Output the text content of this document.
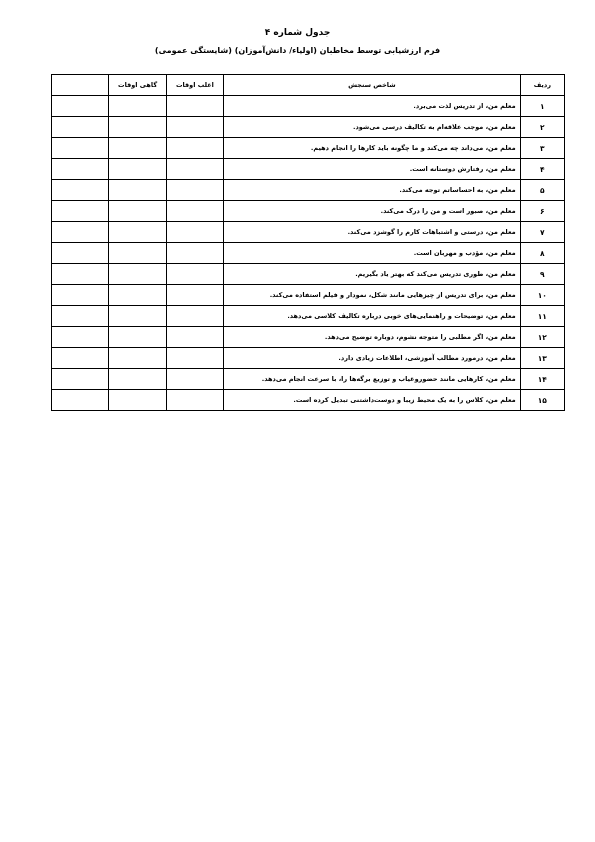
جدول شماره ۴
فرم ارزشیابی توسط مخاطبان (اولیاء/ دانش‌آموزان) (شایستگی عمومی)
ردیف	شاخص سنجش	اغلب اوقات	گاهی اوقات	
۱	معلم من، از تدریس لذت می‌برد.			
۲	معلم من، موجب علاقه‌ام به تکالیف درسی می‌شود.			
۳	معلم من، می‌داند چه می‌کند و ما چگونه باید کارها را انجام دهیم.			
۴	معلم من، رفتارش دوستانه است.			
۵	معلم من، به احساساتم توجه می‌کند.			
۶	معلم من، صبور است و من را درک می‌کند.			
۷	معلم من، درستی و اشتباهات کارم را گوشزد می‌کند.			
۸	معلم من، مؤدب و مهربان است.			
۹	معلم من، طوری تدریس می‌کند که بهتر یاد بگیریم.			
۱۰	معلم من، برای تدریس از چیزهایی مانند شکل، نمودار و فیلم استفاده می‌کند.			
۱۱	معلم من، توضیحات و راهنمایی‌های خوبی درباره تکالیف کلاسی می‌دهد.			
۱۲	معلم من، اگر مطلبی را متوجه نشوم، دوباره توضیح می‌دهد.			
۱۳	معلم من، درمورد مطالب آموزشی، اطلاعات زیادی دارد.			
۱۴	معلم من، کارهایی مانند حضوروغیاب و توزیع برگه‌ها را، با سرعت انجام می‌دهد.			
۱۵	معلم من، کلاس را به یک محیط زیبا و دوست‌داشتنی تبدیل کرده است.			
